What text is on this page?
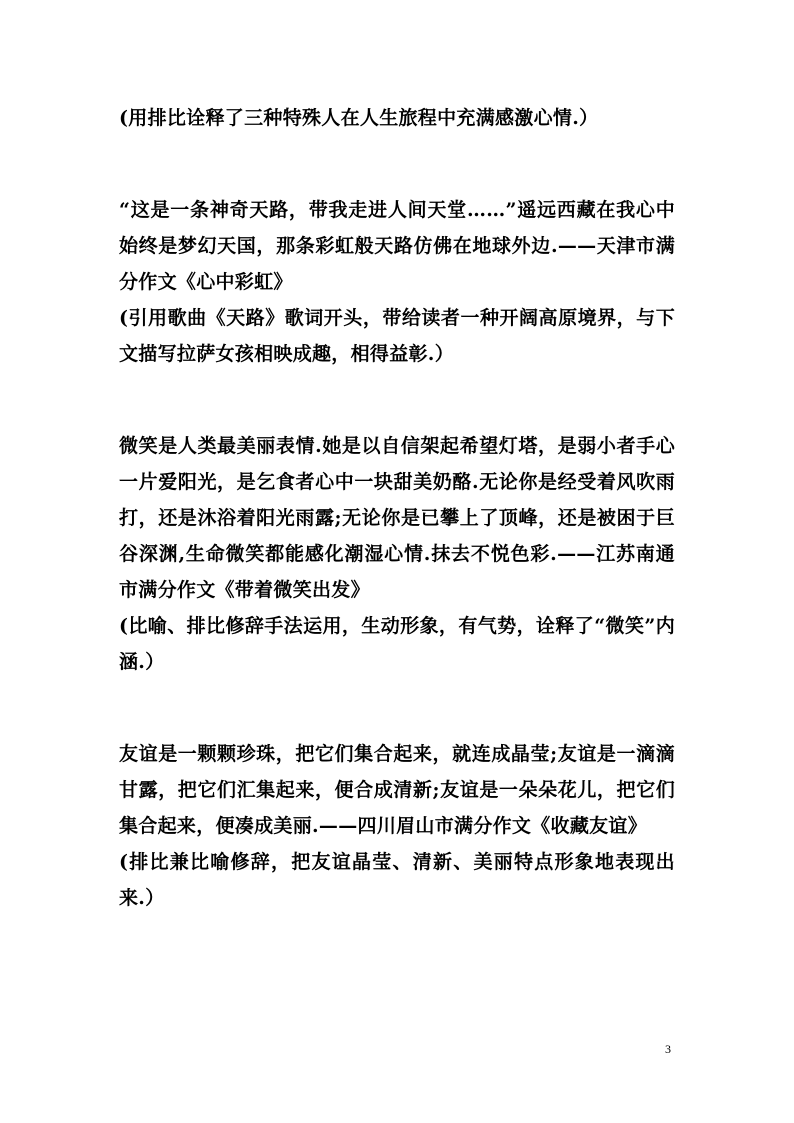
(用排比诠释了三种特殊人在人生旅程中充满感激心情.）

“这是一条神奇天路，带我走进人间天堂……”遥远西藏在我心中始终是梦幻天国，那条彩虹般天路仿佛在地球外边.——天津市满分作文《心中彩虹》

(引用歌曲《天路》歌词开头，带给读者一种开阔高原境界，与下文描写拉萨女孩相映成趣，相得益彰.）

微笑是人类最美丽表情.她是以自信架起希望灯塔，是弱小者手心一片爱阳光，是乞食者心中一块甜美奶酪.无论你是经受着风吹雨打，还是沐浴着阳光雨露;无论你是已攀上了顶峰，还是被困于巨谷深渊,生命微笑都能感化潮湿心情.抹去不悦色彩.——江苏南通市满分作文《带着微笑出发》

(比喻、排比修辞手法运用，生动形象，有气势，诠释了“微笑”内涵.）

友谊是一颗颗珍珠，把它们集合起来，就连成晶莹;友谊是一滴滴甘露，把它们汇集起来，便合成清新;友谊是一朵朵花儿，把它们集合起来，便凑成美丽.——四川眉山市满分作文《收藏友谊》

(排比兼比喻修辞，把友谊晶莹、清新、美丽特点形象地表现出来.）

3
